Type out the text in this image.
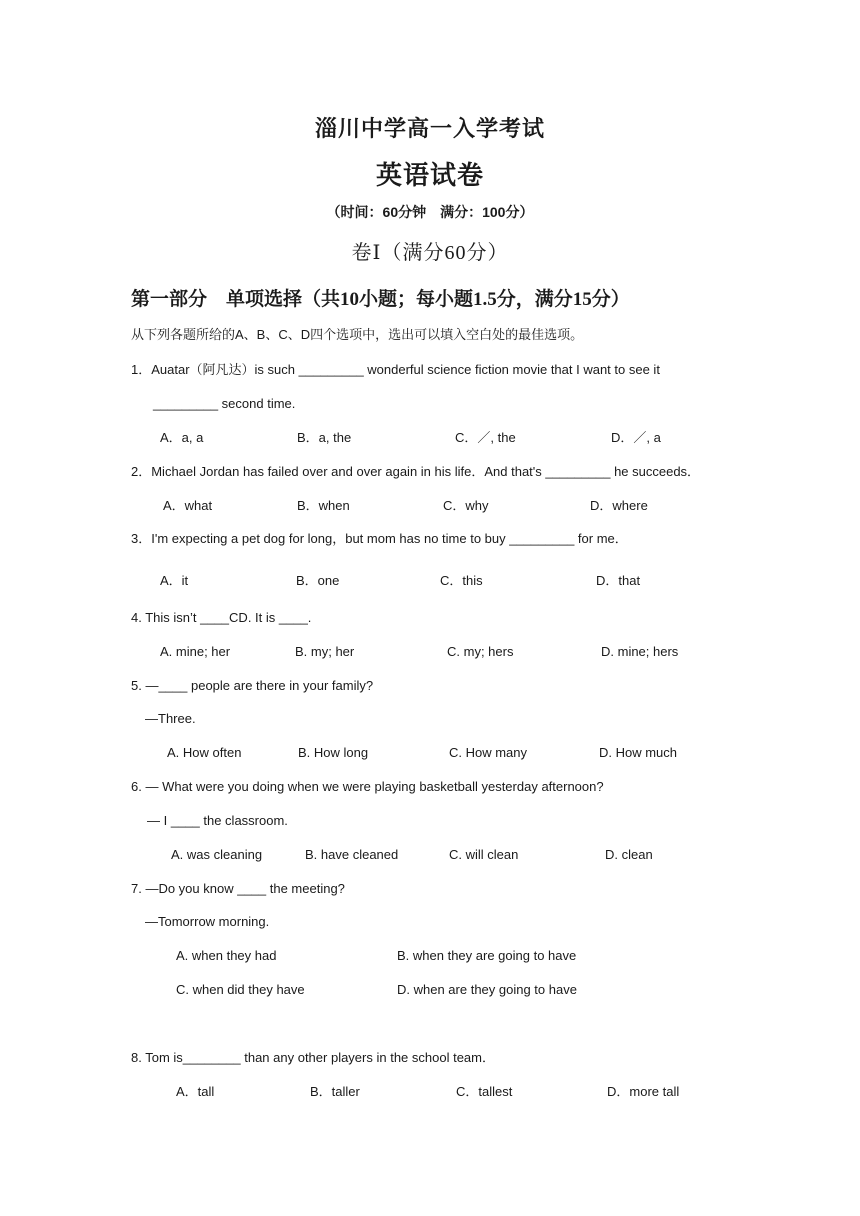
淄川中学高一入学考试
英语试卷
（时间：60分钟　满分：100分）
卷Ⅰ（满分60分）
第一部分　单项选择（共10小题；每小题1.5分，满分15分）
从下列各题所给的A、B、C、D四个选项中，选出可以填入空白处的最佳选项。
1．Auatar（阿凡达）is such _________ wonderful science fiction movie that I want to see it
_________ second time.
A．a, a	B．a, the	C．／, the	D．／, a
2．Michael Jordan has failed over and over again in his life．And that's _________ he succeeds．
A．what	B．when	C．why	D．where
3．I'm expecting a pet dog for long，but mom has no time to buy _________ for me．
A．it	B．one	C．this	D．that
4. This isn’t ____CD. It is ____.
A. mine; her	B. my; her	C. my; hers	D. mine; hers
5. —____ people are there in your family?
—Three.
A. How often	B. How long	C. How many	D. How much
6. — What were you doing when we were playing basketball yesterday afternoon?
— I ____ the classroom.
A. was cleaning	B. have cleaned	C. will clean	D. clean
7. —Do you know ____ the meeting?
—Tomorrow morning.
A. when they had	B. when they are going to have
C. when did they have	D. when are they going to have
8. Tom is________ than any other players in the school team．
A．tall	B．taller	C．tallest	D．more tall
